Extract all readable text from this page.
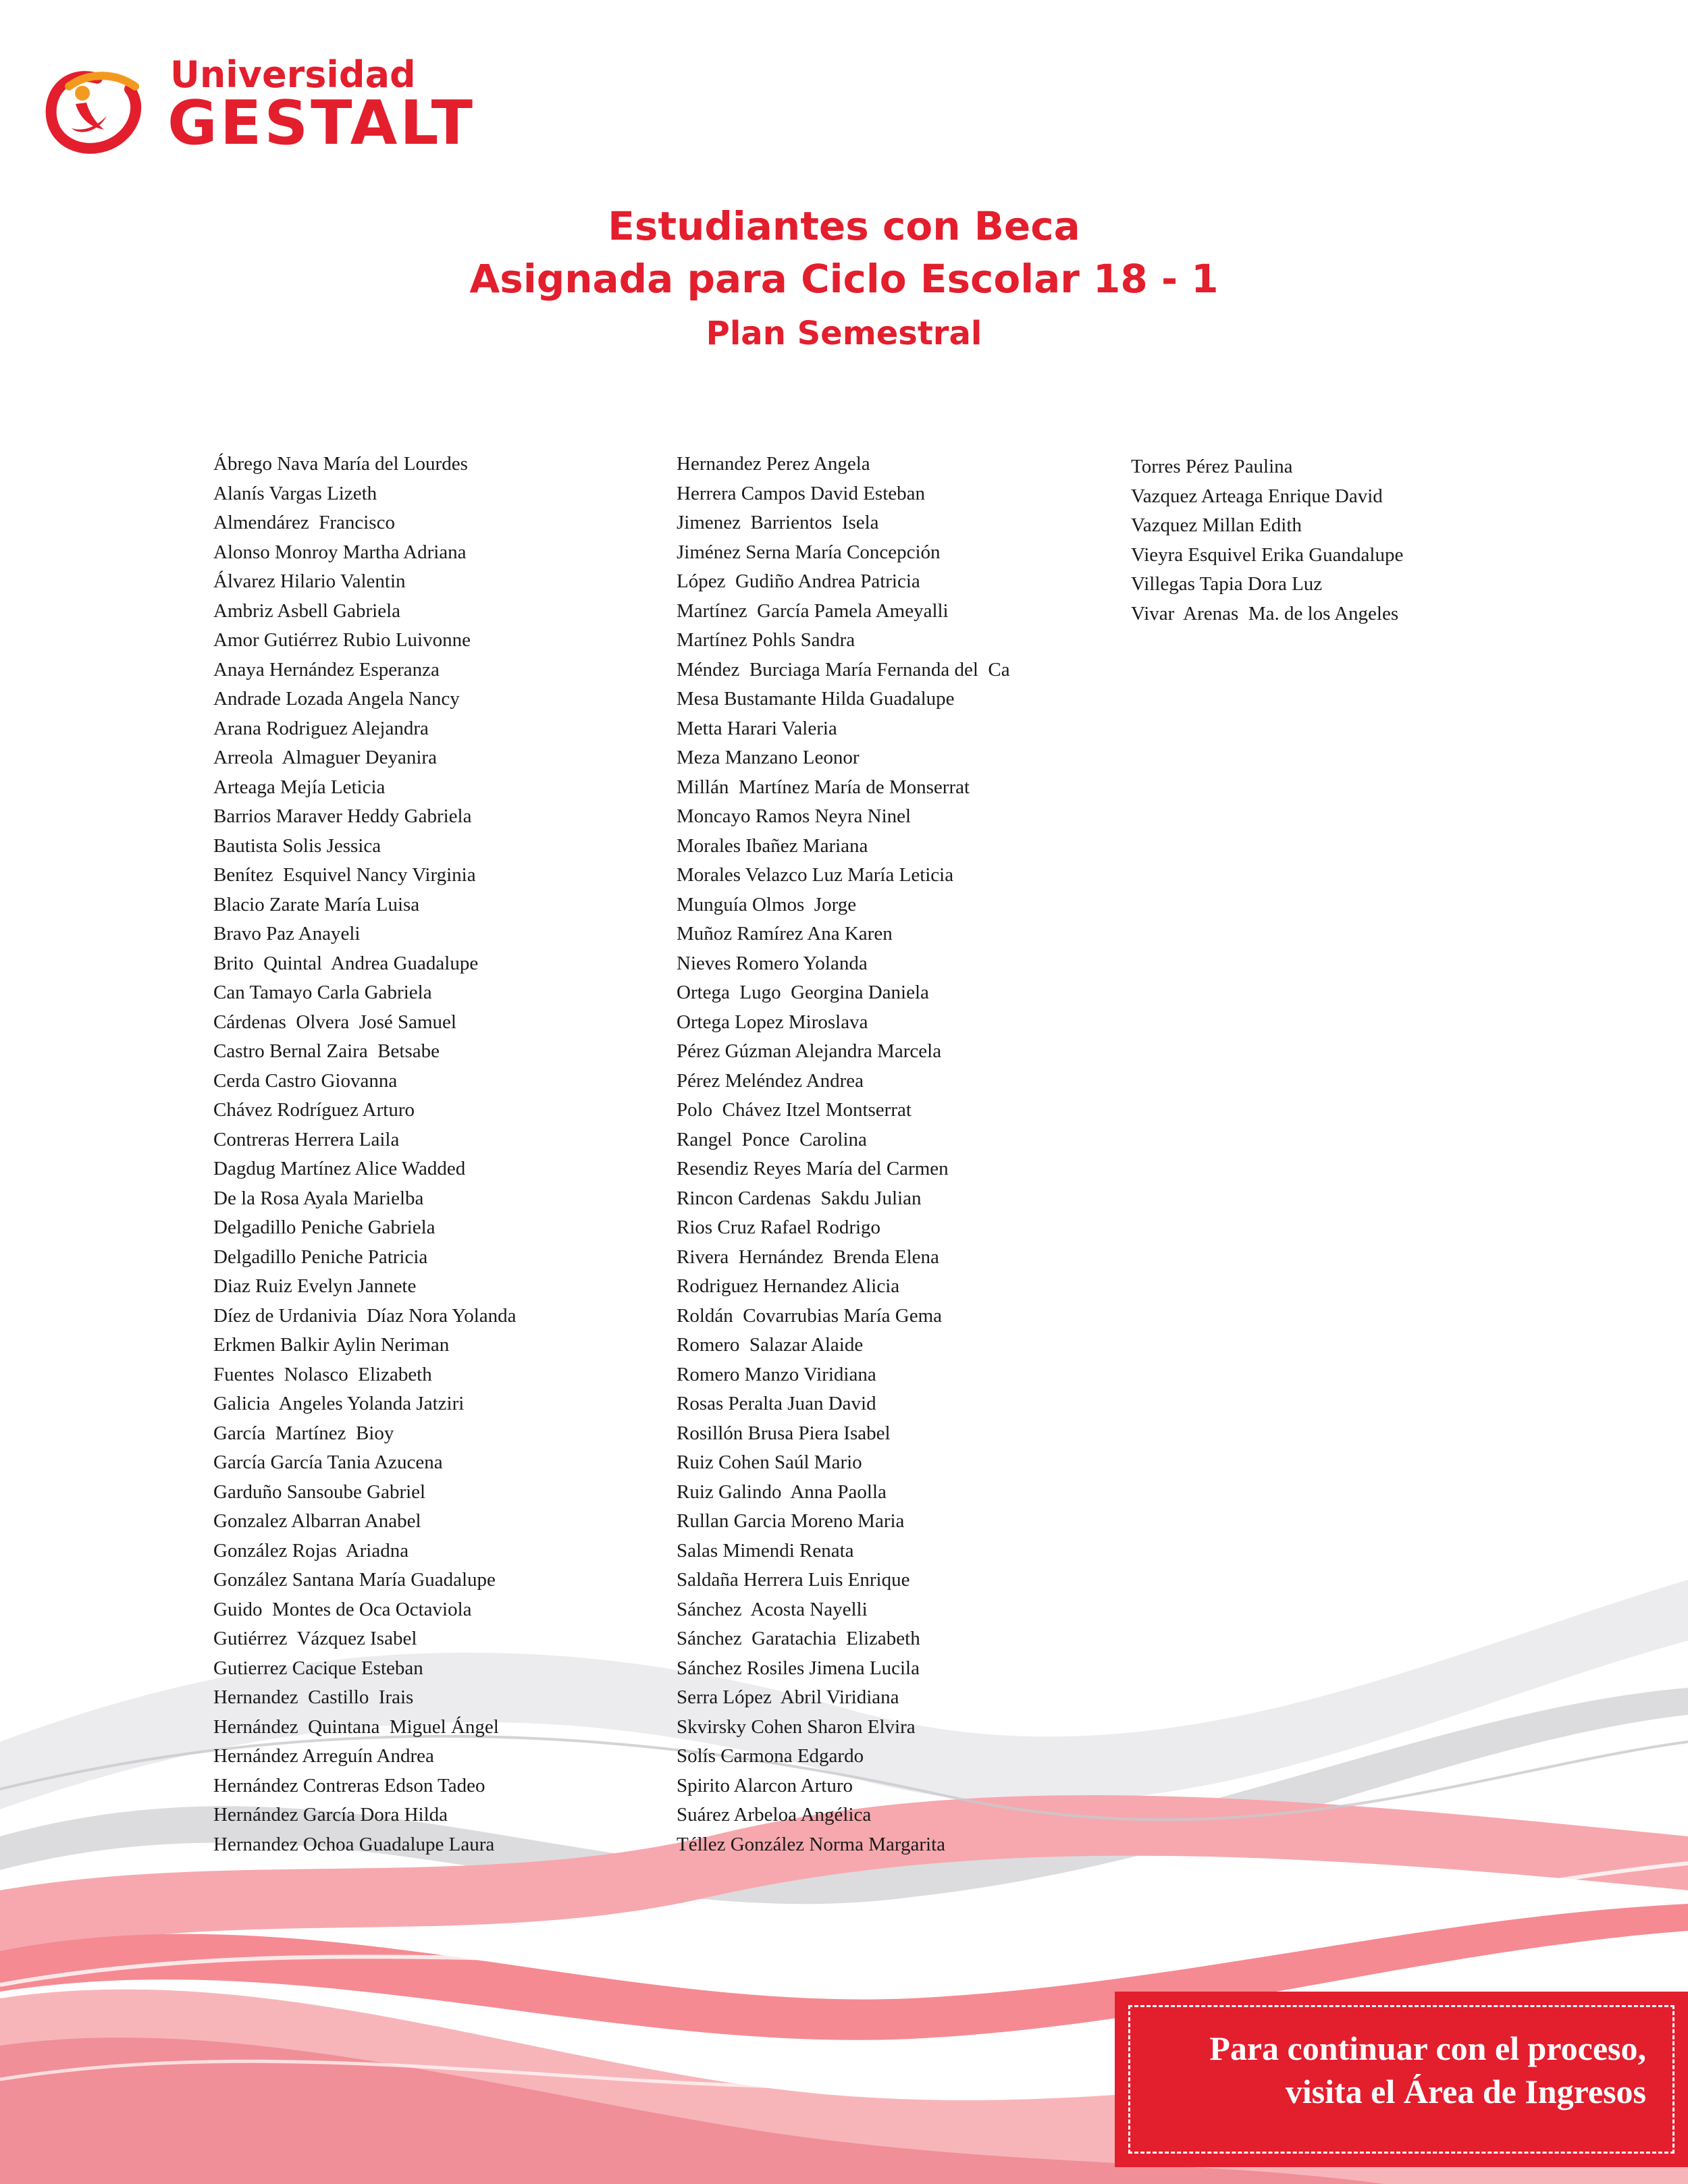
Universidad
GESTALT
Estudiantes con Beca
Asignada para Ciclo Escolar 18 - 1
Plan Semestral
Ábrego Nava María del Lourdes
Alanís Vargas Lizeth
Almendárez  Francisco
Alonso Monroy Martha Adriana
Álvarez Hilario Valentin
Ambriz Asbell Gabriela
Amor Gutiérrez Rubio Luivonne
Anaya Hernández Esperanza
Andrade Lozada Angela Nancy
Arana Rodriguez Alejandra
Arreola  Almaguer Deyanira
Arteaga Mejía Leticia
Barrios Maraver Heddy Gabriela
Bautista Solis Jessica
Benítez  Esquivel Nancy Virginia
Blacio Zarate María Luisa
Bravo Paz Anayeli
Brito  Quintal  Andrea Guadalupe
Can Tamayo Carla Gabriela
Cárdenas  Olvera  José Samuel
Castro Bernal Zaira  Betsabe
Cerda Castro Giovanna
Chávez Rodríguez Arturo
Contreras Herrera Laila
Dagdug Martínez Alice Wadded
De la Rosa Ayala Marielba
Delgadillo Peniche Gabriela
Delgadillo Peniche Patricia
Diaz Ruiz Evelyn Jannete
Díez de Urdanivia  Díaz Nora Yolanda
Erkmen Balkir Aylin Neriman
Fuentes  Nolasco  Elizabeth
Galicia  Angeles Yolanda Jatziri
García  Martínez  Bioy
García García Tania Azucena
Garduño Sansoube Gabriel
Gonzalez Albarran Anabel
González Rojas  Ariadna
González Santana María Guadalupe
Guido  Montes de Oca Octaviola
Gutiérrez  Vázquez Isabel
Gutierrez Cacique Esteban
Hernandez  Castillo  Irais
Hernández  Quintana  Miguel Ángel
Hernández Arreguín Andrea
Hernández Contreras Edson Tadeo
Hernández García Dora Hilda
Hernandez Ochoa Guadalupe Laura
Hernandez Perez Angela
Herrera Campos David Esteban
Jimenez  Barrientos  Isela
Jiménez Serna María Concepción
López  Gudiño Andrea Patricia
Martínez  García Pamela Ameyalli
Martínez Pohls Sandra
Méndez  Burciaga María Fernanda del  Ca
Mesa Bustamante Hilda Guadalupe
Metta Harari Valeria
Meza Manzano Leonor
Millán  Martínez María de Monserrat
Moncayo Ramos Neyra Ninel
Morales Ibañez Mariana
Morales Velazco Luz María Leticia
Munguía Olmos  Jorge
Muñoz Ramírez Ana Karen
Nieves Romero Yolanda
Ortega  Lugo  Georgina Daniela
Ortega Lopez Miroslava
Pérez Gúzman Alejandra Marcela
Pérez Meléndez Andrea
Polo  Chávez Itzel Montserrat
Rangel  Ponce  Carolina
Resendiz Reyes María del Carmen
Rincon Cardenas  Sakdu Julian
Rios Cruz Rafael Rodrigo
Rivera  Hernández  Brenda Elena
Rodriguez Hernandez Alicia
Roldán  Covarrubias María Gema
Romero  Salazar Alaide
Romero Manzo Viridiana
Rosas Peralta Juan David
Rosillón Brusa Piera Isabel
Ruiz Cohen Saúl Mario
Ruiz Galindo  Anna Paolla
Rullan Garcia Moreno Maria
Salas Mimendi Renata
Saldaña Herrera Luis Enrique
Sánchez  Acosta Nayelli
Sánchez  Garatachia  Elizabeth
Sánchez Rosiles Jimena Lucila
Serra López  Abril Viridiana
Skvirsky Cohen Sharon Elvira
Solís Carmona Edgardo
Spirito Alarcon Arturo
Suárez Arbeloa Angélica
Téllez González Norma Margarita
Torres Pérez Paulina
Vazquez Arteaga Enrique David
Vazquez Millan Edith
Vieyra Esquivel Erika Guandalupe
Villegas Tapia Dora Luz
Vivar  Arenas  Ma. de los Angeles
Para continuar con el proceso,
visita el Área de Ingresos
